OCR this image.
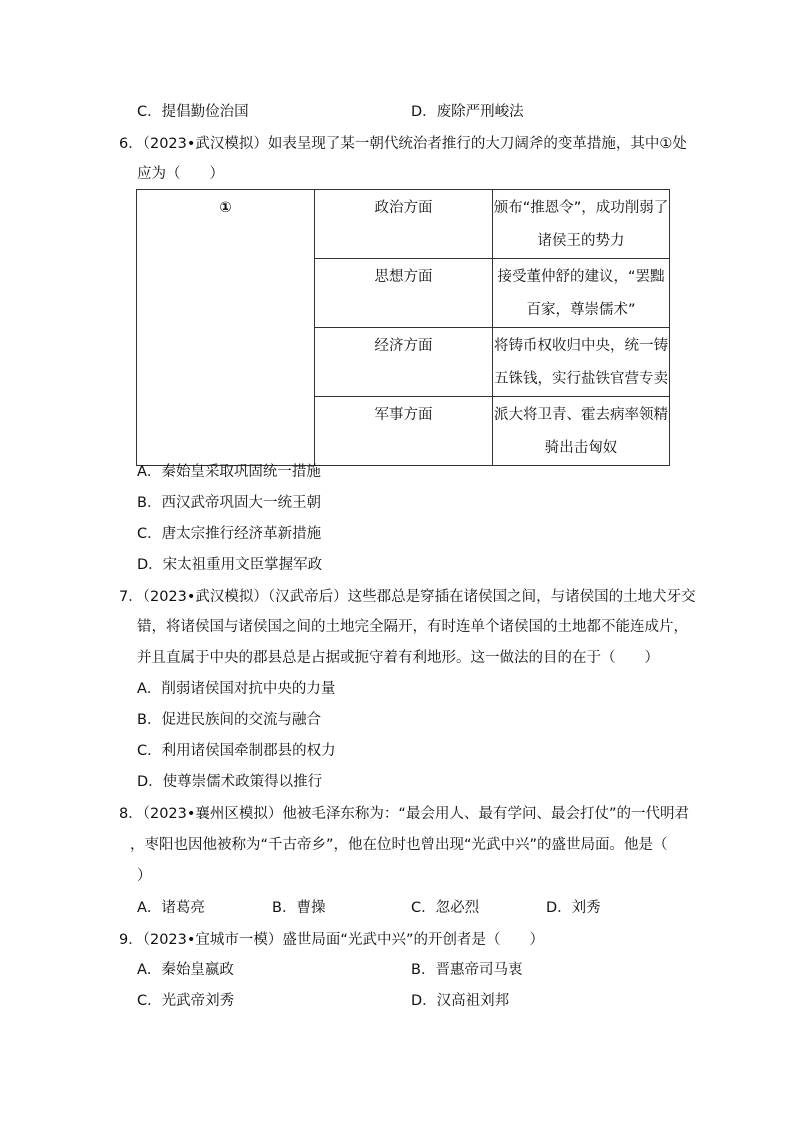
C．提倡勤俭治国	D．废除严刑峻法
6．（2023•武汉模拟）如表呈现了某一朝代统治者推行的大刀阔斧的变革措施，其中①处
应为（　　）
①	政治方面	颁布“推恩令”，成功削弱了
诸侯王的势力

	思想方面	接受董仲舒的建议，“罢黜
百家，尊崇儒术”

	经济方面	将铸币权收归中央，统一铸
五铢钱，实行盐铁官营专卖

	军事方面	派大将卫青、霍去病率领精
骑出击匈奴
A．秦始皇采取巩固统一措施
B．西汉武帝巩固大一统王朝
C．唐太宗推行经济革新措施
D．宋太祖重用文臣掌握军政
7．（2023•武汉模拟）（汉武帝后）这些郡总是穿插在诸侯国之间，与诸侯国的土地犬牙交
错，将诸侯国与诸侯国之间的土地完全隔开，有时连单个诸侯国的土地都不能连成片，
并且直属于中央的郡县总是占据或扼守着有利地形。这一做法的目的在于（　　）
A．削弱诸侯国对抗中央的力量
B．促进民族间的交流与融合
C．利用诸侯国牵制郡县的权力
D．使尊崇儒术政策得以推行
8．（2023•襄州区模拟）他被毛泽东称为：“最会用人、最有学问、最会打仗”的一代明君
，枣阳也因他被称为“千古帝乡”，他在位时也曾出现“光武中兴”的盛世局面。他是（
）
A．诸葛亮	B．曹操	C．忽必烈	D．刘秀
9．（2023•宜城市一模）盛世局面“光武中兴”的开创者是（　　）
A．秦始皇嬴政	B．晋惠帝司马衷
C．光武帝刘秀	D．汉高祖刘邦
